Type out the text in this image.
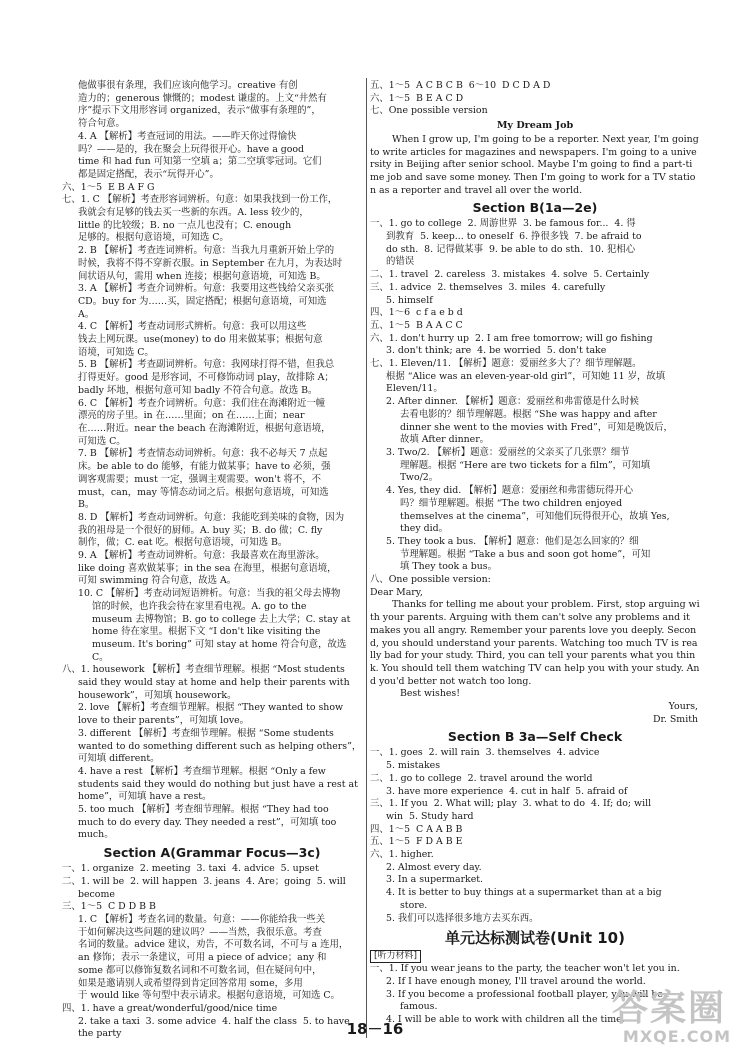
他做事很有条理，我们应该向他学习。creative 有创

造力的；generous 慷慨的；modest 谦虚的。上文“井然有

序”提示下文用形容词 organized，表示“做事有条理的”，

符合句意。

4. A 【解析】考查冠词的用法。——昨天你过得愉快

吗？——是的，我在聚会上玩得很开心。have a good

time 和 had fun 可知第一空填 a；第二空填零冠词。它们

都是固定搭配，表示“玩得开心”。

六、1～5  E B A F G

七、1. C 【解析】考查形容词辨析。句意：如果我找到一份工作，

我就会有足够的钱去买一些新的东西。A. less 较少的，

little 的比较级；B. no 一点儿也没有；C. enough

足够的。根据句意语境，可知选 C。

2. B 【解析】考查连词辨析。句意：当我九月重新开始上学的

时候，我将不得不穿新衣服。in September 在九月，为表达时

间状语从句，需用 when 连接；根据句意语境，可知选 B。

3. A 【解析】考查介词辨析。句意：我要用这些钱给父亲买张

CD。buy for 为……买，固定搭配；根据句意语境，可知选

A。

4. C 【解析】考查动词形式辨析。句意：我可以用这些

钱去上网玩课。use(money) to do 用来做某事；根据句意

语境，可知选 C。

5. B 【解析】考查副词辨析。句意：我网球打得不错，但我总

打得更好。good 是形容词，不可修饰动词 play，故排除 A；

badly 坏地，根据句意可知 badly 不符合句意。故选 B。

6. C 【解析】考查介词辨析。句意：我们住在海滩附近一幢

漂亮的房子里。in 在……里面；on 在……上面；near

在……附近。near the beach 在海滩附近，根据句意语境，

可知选 C。

7. B 【解析】考查情态动词辨析。句意：我不必每天 7 点起

床。be able to do 能够，有能力做某事；have to 必须，强

调客观需要；must 一定，强调主观需要。won't 将不，不

must，can，may 等情态动词之后。根据句意语境，可知选

B。

8. D 【解析】考查动词辨析。句意：我能吃到美味的食物，因为

我的祖母是一个很好的厨师。A. buy 买；B. do 做；C. fly

制作，做；C. eat 吃。根据句意语境，可知选 B。

9. A 【解析】考查动词辨析。句意：我最喜欢在海里游泳。

like doing 喜欢做某事；in the sea 在海里，根据句意语境，

可知 swimming 符合句意，故选 A。

10. C 【解析】考查动词短语辨析。句意：当我的祖父母去博物

馆的时候，也许我会待在家里看电视。A. go to the

museum 去博物馆；B. go to college 去上大学；C. stay at

home 待在家里。根据下文 “I don't like visiting the

museum. It's boring” 可知 stay at home 符合句意，故选 C。

八、1. housework 【解析】考查细节理解。根据 “Most students

said they would stay at home and help their parents with

housework”，可知填 housework。

2. love 【解析】考查细节理解。根据 “They wanted to show

love to their parents”，可知填 love。

3. different 【解析】考查细节理解。根据 “Some students

wanted to do something different such as helping others”，

可知填 different。

4. have a rest 【解析】考查细节理解。根据 “Only a few

students said they would do nothing but just have a rest at

home”，可知填 have a rest。

5. too much 【解析】考查细节理解。根据 “They had too

much to do every day. They needed a rest”，可知填 too

much。

Section A(Grammar Focus—3c)

一、1. organize  2. meeting  3. taxi  4. advice  5. upset

二、1. will be  2. will happen  3. jeans  4. Are；going  5. will

become

三、1～5  C D D B B

1. C 【解析】考查名词的数量。句意：——你能给我一些关

于如何解决这些问题的建议吗？——当然，我很乐意。考查

名词的数量。advice 建议，劝告，不可数名词，不可与 a 连用，

an 修饰；表示一条建议，可用 a piece of advice；any 和

some 都可以修饰复数名词和不可数名词，但在疑问句中，

如果是邀请别人或希望得到肯定回答常用 some，多用

于 would like 等句型中表示请求。根据句意语境，可知选 C。

四、1. have a great/wonderful/good/nice time

2. take a taxi  3. some advice  4. half the class  5. to have

the party

五、1～5  A C B C B  6～10  D C D A D

六、1～5  B E A C D

七、One possible version

My Dream Job

When I grow up, I'm going to be a reporter. Next year, I'm going to write articles for magazines and newspapers. I'm going to a university in Beijing after senior school. Maybe I'm going to find a part-time job and save some money. Then I'm going to work for a TV station as a reporter and travel all over the world.

Section B(1a—2e)

一、1. go to college  2. 周游世界  3. be famous for...  4. 得

到教育  5. keep... to oneself  6. 挣很多钱  7. be afraid to

do sth.  8. 记得做某事  9. be able to do sth.  10. 犯相心

的错误

二、1. travel  2. careless  3. mistakes  4. solve  5. Certainly

三、1. advice  2. themselves  3. miles  4. carefully

5. himself

四、1～6  c f a e b d

五、1～5  B A A C C

六、1. don't hurry up  2. I am free tomorrow; will go fishing

3. don't think; are  4. be worried  5. don't take

七、1. Eleven/11. 【解析】题意：爱丽丝多大了？细节理解题。

根据 “Alice was an eleven-year-old girl”，可知她 11 岁，故填

Eleven/11。

2. After dinner. 【解析】题意：爱丽丝和弗雷德是什么时候

去看电影的？细节理解题。根据 “She was happy and after

dinner she went to the movies with Fred”，可知是晚饭后，

故填 After dinner。

3. Two/2. 【解析】题意：爱丽丝的父亲买了几张票？细节

理解题。根据 “Here are two tickets for a film”，可知填

Two/2。

4. Yes, they did. 【解析】题意：爱丽丝和弗雷德玩得开心

吗？细节理解题。根据 “The two children enjoyed

themselves at the cinema”，可知他们玩得很开心，故填 Yes,

they did。

5. They took a bus. 【解析】题意：他们是怎么回家的？细

节理解题。根据 “Take a bus and soon got home”，可知

填 They took a bus。

八、One possible version:

Dear Mary,

Thanks for telling me about your problem. First, stop arguing with your parents. Arguing with them can't solve any problems and it makes you all angry. Remember your parents love you deeply. Second, you should understand your parents. Watching too much TV is really bad for your study. Third, you can tell your parents what you think. You should tell them watching TV can help you with your study. And you'd better not watch too long.

Best wishes!

Yours,

Dr. Smith

Section B 3a—Self Check

一、1. goes  2. will rain  3. themselves  4. advice

5. mistakes

二、1. go to college  2. travel around the world

3. have more experience  4. cut in half  5. afraid of

三、1. If you  2. What will; play  3. what to do  4. If; do; will

win  5. Study hard

四、1～5  C A A B B

五、1～5  F D A B E

六、1. higher.

2. Almost every day.

3. In a supermarket.

4. It is better to buy things at a supermarket than at a big

store.

5. 我们可以选择很多地方去买东西。

单元达标测试卷(Unit 10)
[听力材料]

一、1. If you wear jeans to the party, the teacher won't let you in.

2. If I have enough money, I'll travel around the world.

3. If you become a professional football player, you will be

famous.

4. I will be able to work with children all the time.

18－16	答案圈
MXQE.COM
